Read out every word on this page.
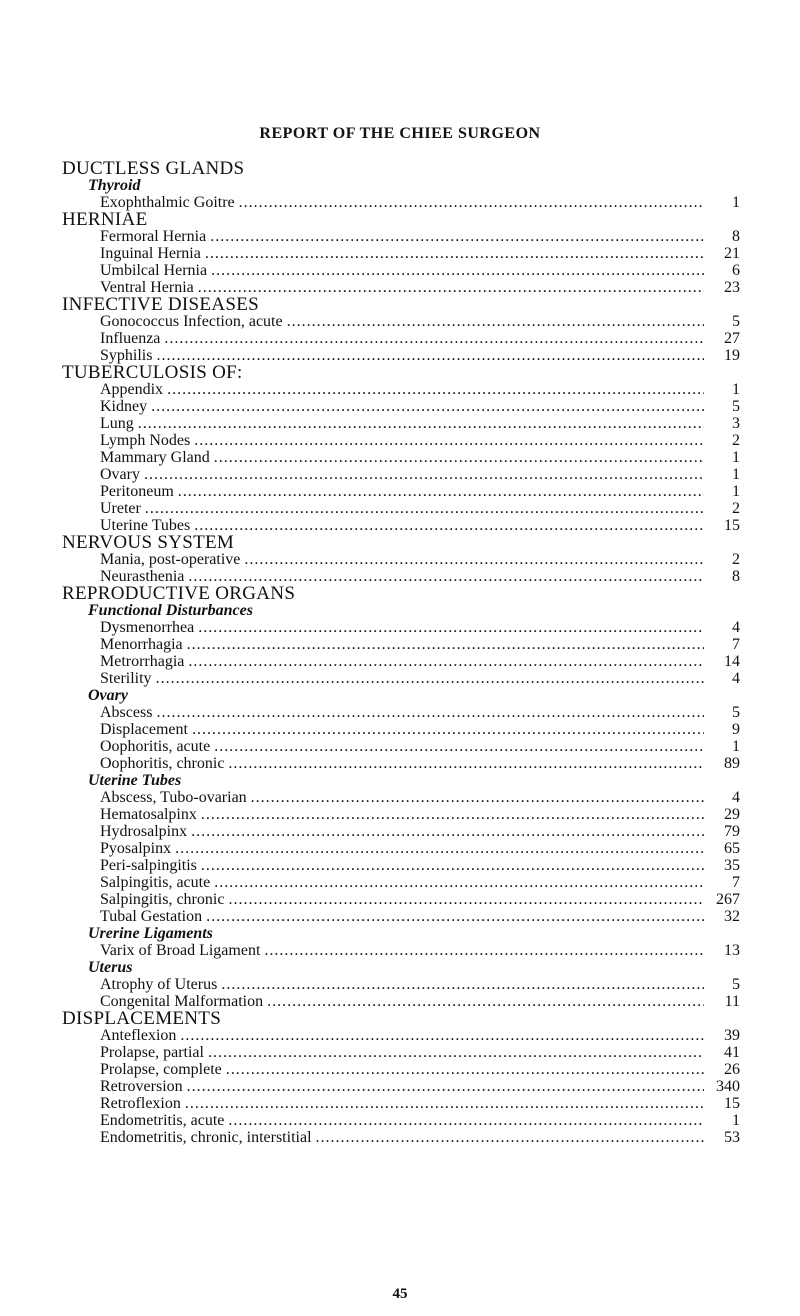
REPORT OF THE CHIEE SURGEON
DUCTLESS GLANDS
Thyroid
Exophthalmic Goitre .....	1
HERNIAE
Fermoral Hernia .....	8
Inguinal Hernia .....	21
Umbilcal Hernia .....	6
Ventral Hernia .....	23
INFECTIVE DISEASES
Gonococcus Infection, acute .....	5
Influenza .....	27
Syphilis .....	19
TUBERCULOSIS OF:
Appendix .....	1
Kidney .....	5
Lung .....	3
Lymph Nodes .....	2
Mammary Gland .....	1
Ovary .....	1
Peritoneum .....	1
Ureter .....	2
Uterine Tubes .....	15
NERVOUS SYSTEM
Mania, post-operative .....	2
Neurasthenia .....	8
REPRODUCTIVE ORGANS
Functional Disturbances
Dysmenorrhea .....	4
Menorrhagia .....	7
Metrorrhagia .....	14
Sterility .....	4
Ovary
Abscess .....	5
Displacement .....	9
Oophoritis, acute .....	1
Oophoritis, chronic .....	89
Uterine Tubes
Abscess, Tubo-ovarian .....	4
Hematosalpinx .....	29
Hydrosalpinx .....	79
Pyosalpinx .....	65
Peri-salpingitis .....	35
Salpingitis, acute .....	7
Salpingitis, chronic .....	267
Tubal Gestation .....	32
Urerine Ligaments
Varix of Broad Ligament .....	13
Uterus
Atrophy of Uterus .....	5
Congenital Malformation .....	11
DISPLACEMENTS
Anteflexion .....	39
Prolapse, partial .....	41
Prolapse, complete .....	26
Retroversion .....	340
Retroflexion .....	15
Endometritis, acute .....	1
Endometritis, chronic, interstitial .....	53
45
